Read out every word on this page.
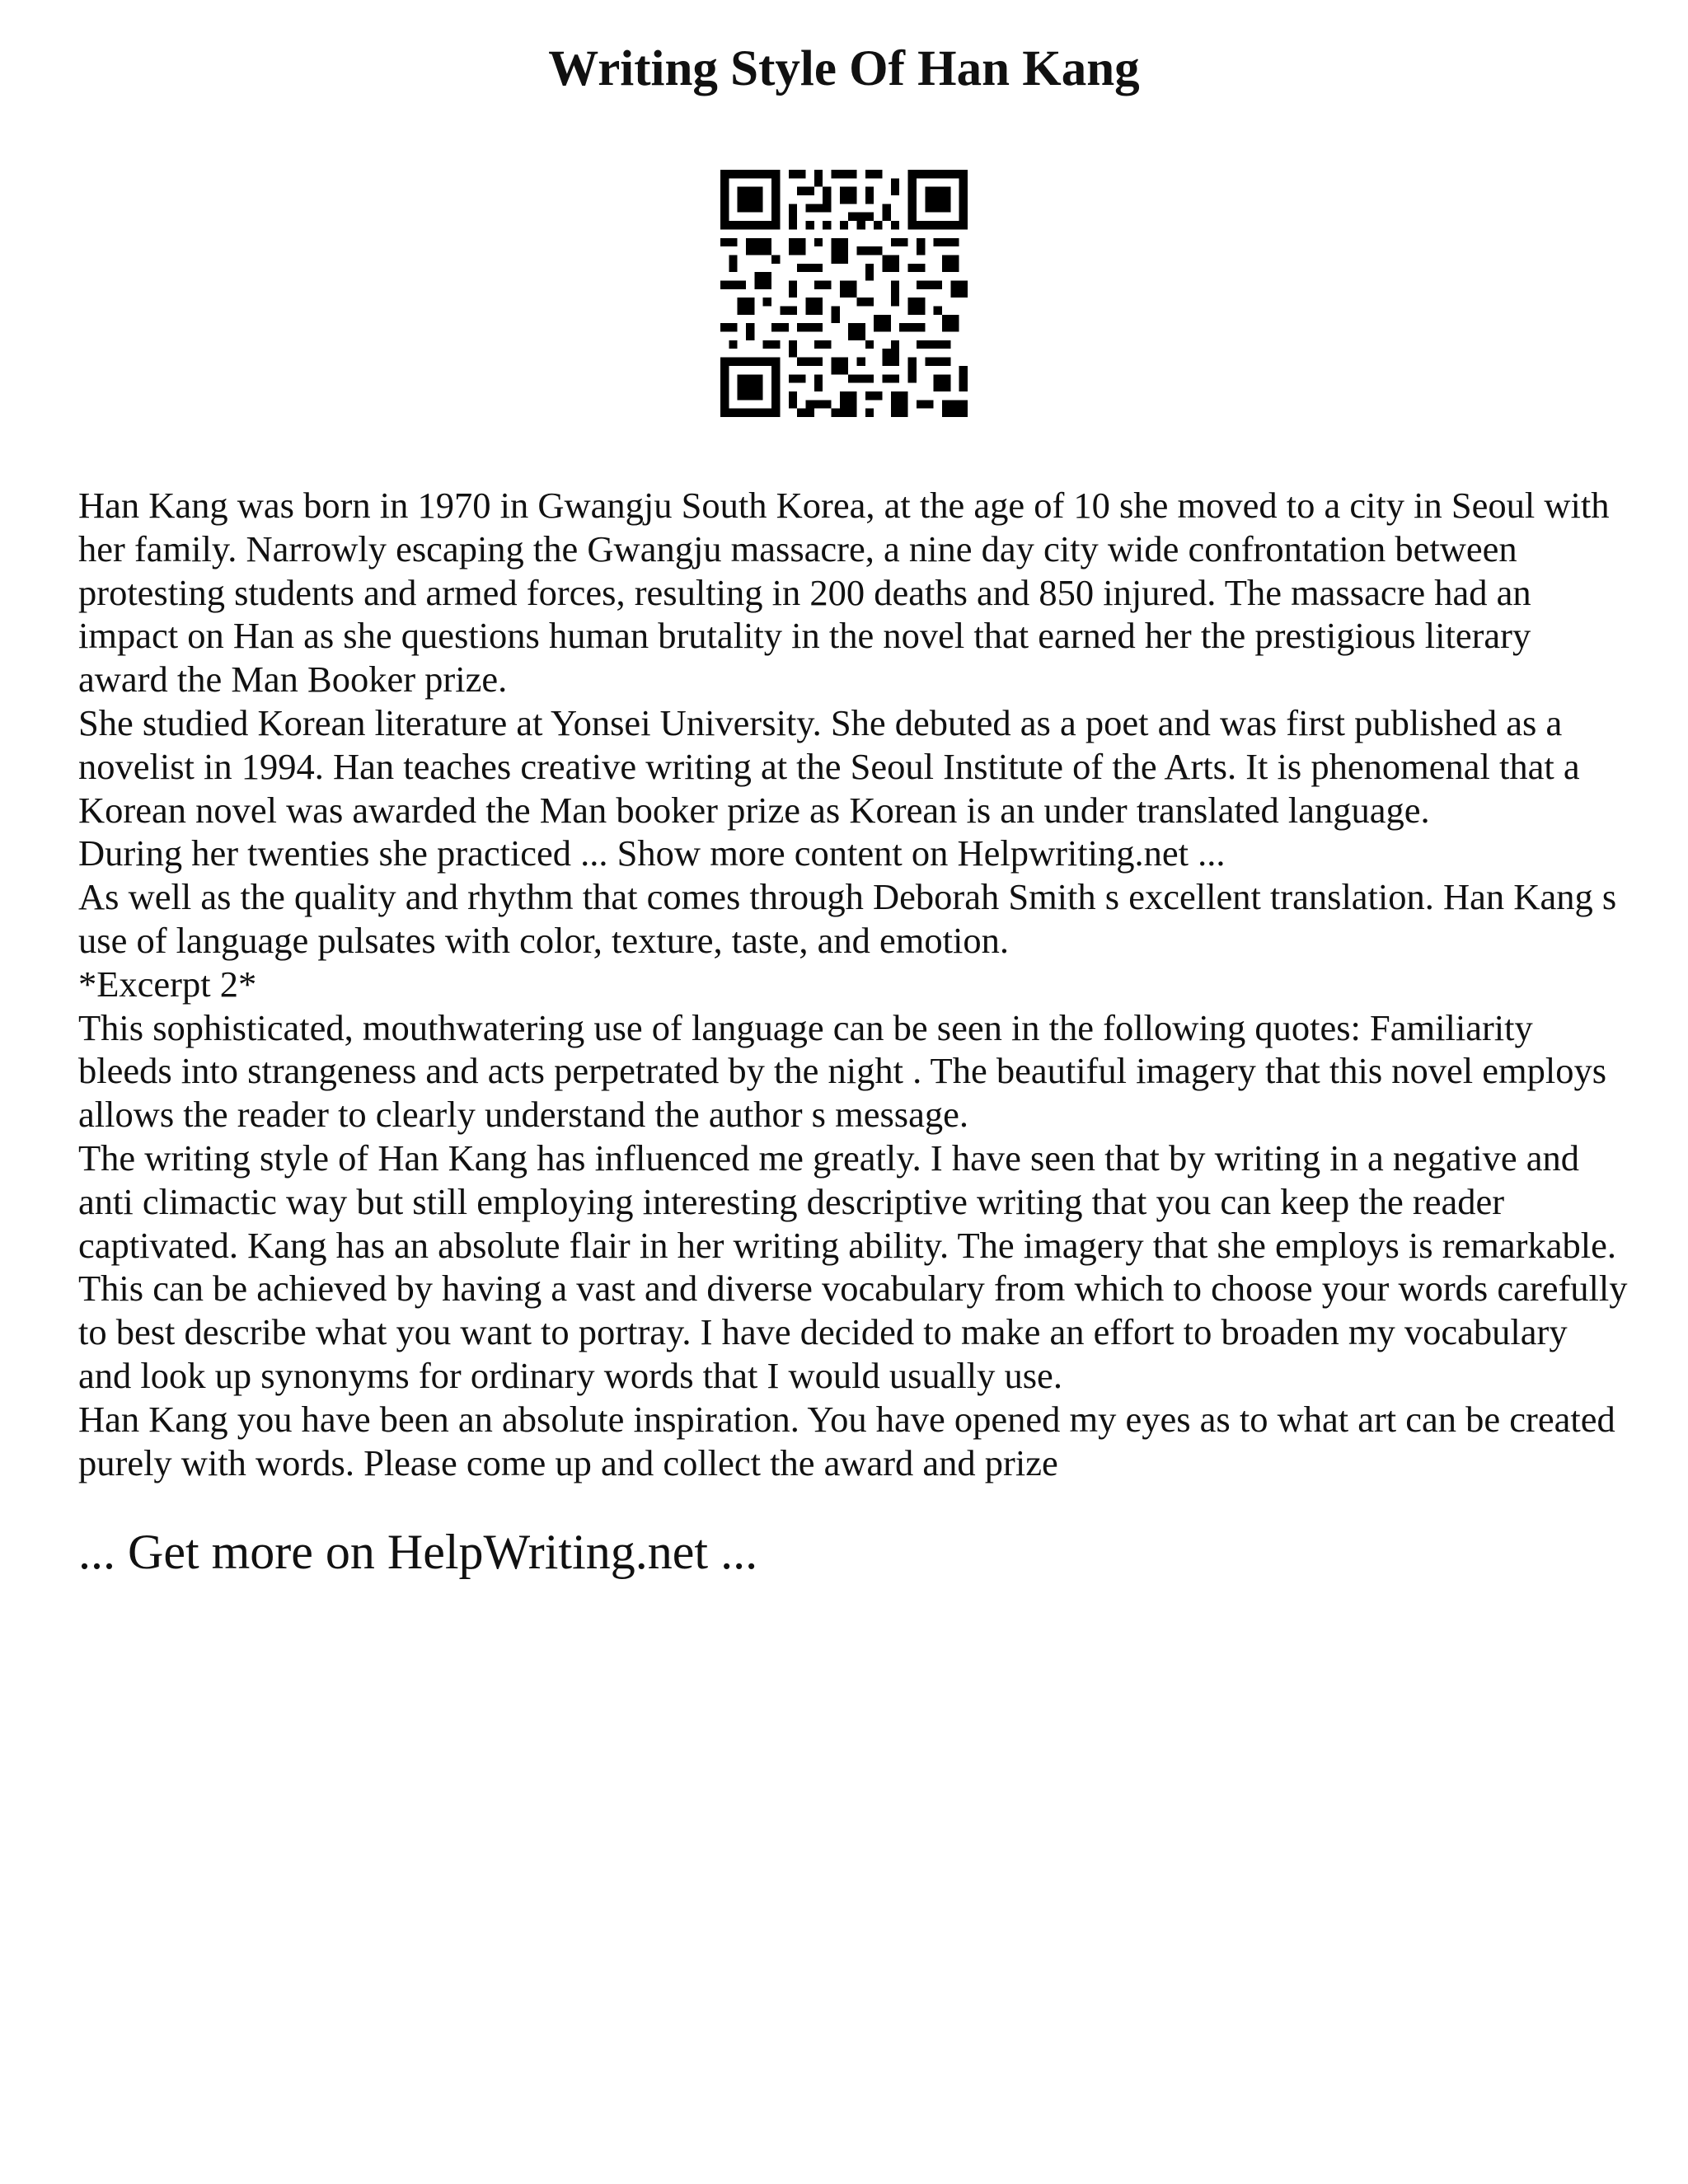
Writing Style Of Han Kang

Han Kang was born in 1970 in Gwangju South Korea, at the age of 10 she moved to a city in Seoul with her family. Narrowly escaping the Gwangju massacre, a nine day city wide confrontation between protesting students and armed forces, resulting in 200 deaths and 850 injured. The massacre had an impact on Han as she questions human brutality in the novel that earned her the prestigious literary award the Man Booker prize.

She studied Korean literature at Yonsei University. She debuted as a poet and was first published as a novelist in 1994. Han teaches creative writing at the Seoul Institute of the Arts. It is phenomenal that a Korean novel was awarded the Man booker prize as Korean is an under translated language.

During her twenties she practiced ... Show more content on Helpwriting.net ...

As well as the quality and rhythm that comes through Deborah Smith s excellent translation. Han Kang s use of language pulsates with color, texture, taste, and emotion.

*Excerpt 2*

This sophisticated, mouthwatering use of language can be seen in the following quotes: Familiarity bleeds into strangeness and acts perpetrated by the night . The beautiful imagery that this novel employs allows the reader to clearly understand the author s message.

The writing style of Han Kang has influenced me greatly. I have seen that by writing in a negative and anti climactic way but still employing interesting descriptive writing that you can keep the reader captivated. Kang has an absolute flair in her writing ability. The imagery that she employs is remarkable. This can be achieved by having a vast and diverse vocabulary from which to choose your words carefully to best describe what you want to portray. I have decided to make an effort to broaden my vocabulary and look up synonyms for ordinary words that I would usually use.

Han Kang you have been an absolute inspiration. You have opened my eyes as to what art can be created purely with words. Please come up and collect the award and prize

... Get more on HelpWriting.net ...
